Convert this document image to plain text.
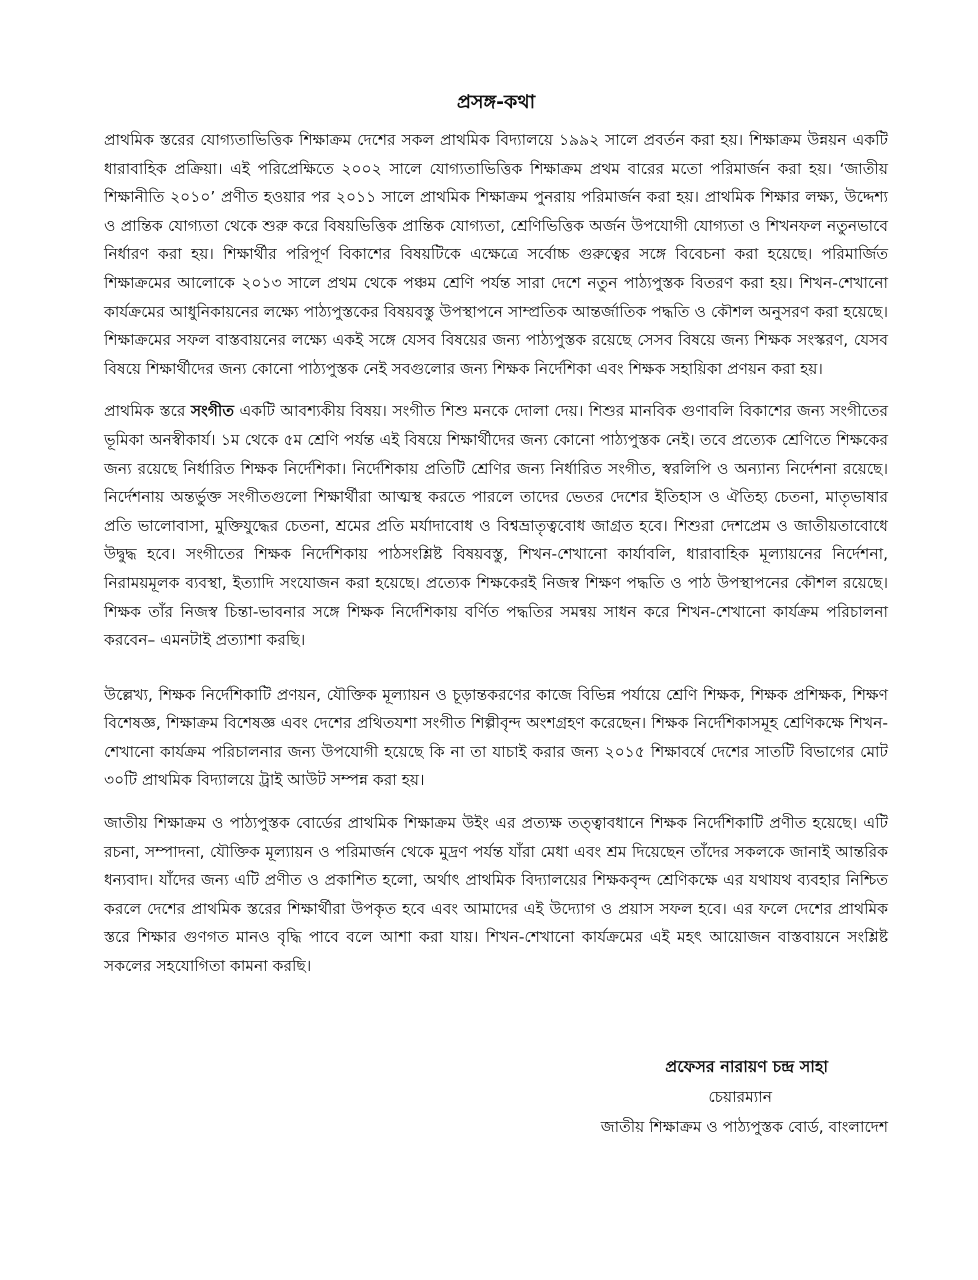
প্রসঙ্গ-কথা

প্রাথমিক স্তরের যোগ্যতাভিত্তিক শিক্ষাক্রম দেশের সকল প্রাথমিক বিদ্যালয়ে ১৯৯২ সালে প্রবর্তন করা হয়। শিক্ষাক্রম উন্নয়ন একটি ধারাবাহিক প্রক্রিয়া। এই পরিপ্রেক্ষিতে ২০০২ সালে যোগ্যতাভিত্তিক শিক্ষাক্রম প্রথম বারের মতো পরিমার্জন করা হয়। ‘জাতীয় শিক্ষানীতি ২০১০’ প্রণীত হওয়ার পর ২০১১ সালে প্রাথমিক শিক্ষাক্রম পুনরায় পরিমার্জন করা হয়। প্রাথমিক শিক্ষার লক্ষ্য, উদ্দেশ্য ও প্রান্তিক যোগ্যতা থেকে শুরু করে বিষয়ভিত্তিক প্রান্তিক যোগ্যতা, শ্রেণিভিত্তিক অর্জন উপযোগী যোগ্যতা ও শিখনফল নতুনভাবে নির্ধারণ করা হয়। শিক্ষার্থীর পরিপূর্ণ বিকাশের বিষয়টিকে এক্ষেত্রে সর্বোচ্চ গুরুত্বের সঙ্গে বিবেচনা করা হয়েছে। পরিমার্জিত শিক্ষাক্রমের আলোকে ২০১৩ সালে প্রথম থেকে পঞ্চম শ্রেণি পর্যন্ত সারা দেশে নতুন পাঠ্যপুস্তক বিতরণ করা হয়। শিখন-শেখানো কার্যক্রমের আধুনিকায়নের লক্ষ্যে পাঠ্যপুস্তকের বিষয়বস্তু উপস্থাপনে সাম্প্রতিক আন্তর্জাতিক পদ্ধতি ও কৌশল অনুসরণ করা হয়েছে। শিক্ষাক্রমের সফল বাস্তবায়নের লক্ষ্যে একই সঙ্গে যেসব বিষয়ের জন্য পাঠ্যপুস্তক রয়েছে সেসব বিষয়ে জন্য শিক্ষক সংস্করণ, যেসব বিষয়ে শিক্ষার্থীদের জন্য কোনো পাঠ্যপুস্তক নেই সবগুলোর জন্য শিক্ষক নির্দেশিকা এবং শিক্ষক সহায়িকা প্রণয়ন করা হয়।

প্রাথমিক স্তরে সংগীত একটি আবশ্যকীয় বিষয়। সংগীত শিশু মনকে দোলা দেয়। শিশুর মানবিক গুণাবলি বিকাশের জন্য সংগীতের ভূমিকা অনস্বীকার্য। ১ম থেকে ৫ম শ্রেণি পর্যন্ত এই বিষয়ে শিক্ষার্থীদের জন্য কোনো পাঠ্যপুস্তক নেই। তবে প্রত্যেক শ্রেণিতে শিক্ষকের জন্য রয়েছে নির্ধারিত শিক্ষক নির্দেশিকা। নির্দেশিকায় প্রতিটি শ্রেণির জন্য নির্ধারিত সংগীত, স্বরলিপি ও অন্যান্য নির্দেশনা রয়েছে। নির্দেশনায় অন্তর্ভুক্ত সংগীতগুলো শিক্ষার্থীরা আত্মস্থ করতে পারলে তাদের ভেতর দেশের ইতিহাস ও ঐতিহ্য চেতনা, মাতৃভাষার প্রতি ভালোবাসা, মুক্তিযুদ্ধের চেতনা, শ্রমের প্রতি মর্যাদাবোধ ও বিশ্বভ্রাতৃত্ববোধ জাগ্রত হবে। শিশুরা দেশপ্রেম ও জাতীয়তাবোধে উদ্বুদ্ধ হবে। সংগীতের শিক্ষক নির্দেশিকায় পাঠসংশ্লিষ্ট বিষয়বস্তু, শিখন-শেখানো কার্যাবলি, ধারাবাহিক মূল্যায়নের নির্দেশনা, নিরাময়মূলক ব্যবস্থা, ইত্যাদি সংযোজন করা হয়েছে। প্রত্যেক শিক্ষকেরই নিজস্ব শিক্ষণ পদ্ধতি ও পাঠ উপস্থাপনের কৌশল রয়েছে। শিক্ষক তাঁর নিজস্ব চিন্তা-ভাবনার সঙ্গে শিক্ষক নির্দেশিকায় বর্ণিত পদ্ধতির সমন্বয় সাধন করে শিখন-শেখানো কার্যক্রম পরিচালনা করবেন– এমনটাই প্রত্যাশা করছি।

উল্লেখ্য, শিক্ষক নির্দেশিকাটি প্রণয়ন, যৌক্তিক মূল্যায়ন ও চূড়ান্তকরণের কাজে বিভিন্ন পর্যায়ে শ্রেণি শিক্ষক, শিক্ষক প্রশিক্ষক, শিক্ষণ বিশেষজ্ঞ, শিক্ষাক্রম বিশেষজ্ঞ এবং দেশের প্রথিতযশা সংগীত শিল্পীবৃন্দ অংশগ্রহণ করেছেন। শিক্ষক নির্দেশিকাসমূহ শ্রেণিকক্ষে শিখন-শেখানো কার্যক্রম পরিচালনার জন্য উপযোগী হয়েছে কি না তা যাচাই করার জন্য ২০১৫ শিক্ষাবর্ষে দেশের সাতটি বিভাগের মোট ৩০টি প্রাথমিক বিদ্যালয়ে ট্রাই আউট সম্পন্ন করা হয়।

জাতীয় শিক্ষাক্রম ও পাঠ্যপুস্তক বোর্ডের প্রাথমিক শিক্ষাক্রম উইং এর প্রত্যক্ষ তত্ত্বাবধানে শিক্ষক নির্দেশিকাটি প্রণীত হয়েছে। এটি রচনা, সম্পাদনা, যৌক্তিক মূল্যায়ন ও পরিমার্জন থেকে মুদ্রণ পর্যন্ত যাঁরা মেধা এবং শ্রম দিয়েছেন তাঁদের সকলকে জানাই আন্তরিক ধন্যবাদ। যাঁদের জন্য এটি প্রণীত ও প্রকাশিত হলো, অর্থাৎ প্রাথমিক বিদ্যালয়ের শিক্ষকবৃন্দ শ্রেণিকক্ষে এর যথাযথ ব্যবহার নিশ্চিত করলে দেশের প্রাথমিক স্তরের শিক্ষার্থীরা উপকৃত হবে এবং আমাদের এই উদ্যোগ ও প্রয়াস সফল হবে। এর ফলে দেশের প্রাথমিক স্তরে শিক্ষার গুণগত মানও বৃদ্ধি পাবে বলে আশা করা যায়। শিখন-শেখানো কার্যক্রমের এই মহৎ আয়োজন বাস্তবায়নে সংশ্লিষ্ট সকলের সহযোগিতা কামনা করছি।

প্রফেসর নারায়ণ চন্দ্র সাহা
চেয়ারম্যান
জাতীয় শিক্ষাক্রম ও পাঠ্যপুস্তক বোর্ড, বাংলাদেশ
